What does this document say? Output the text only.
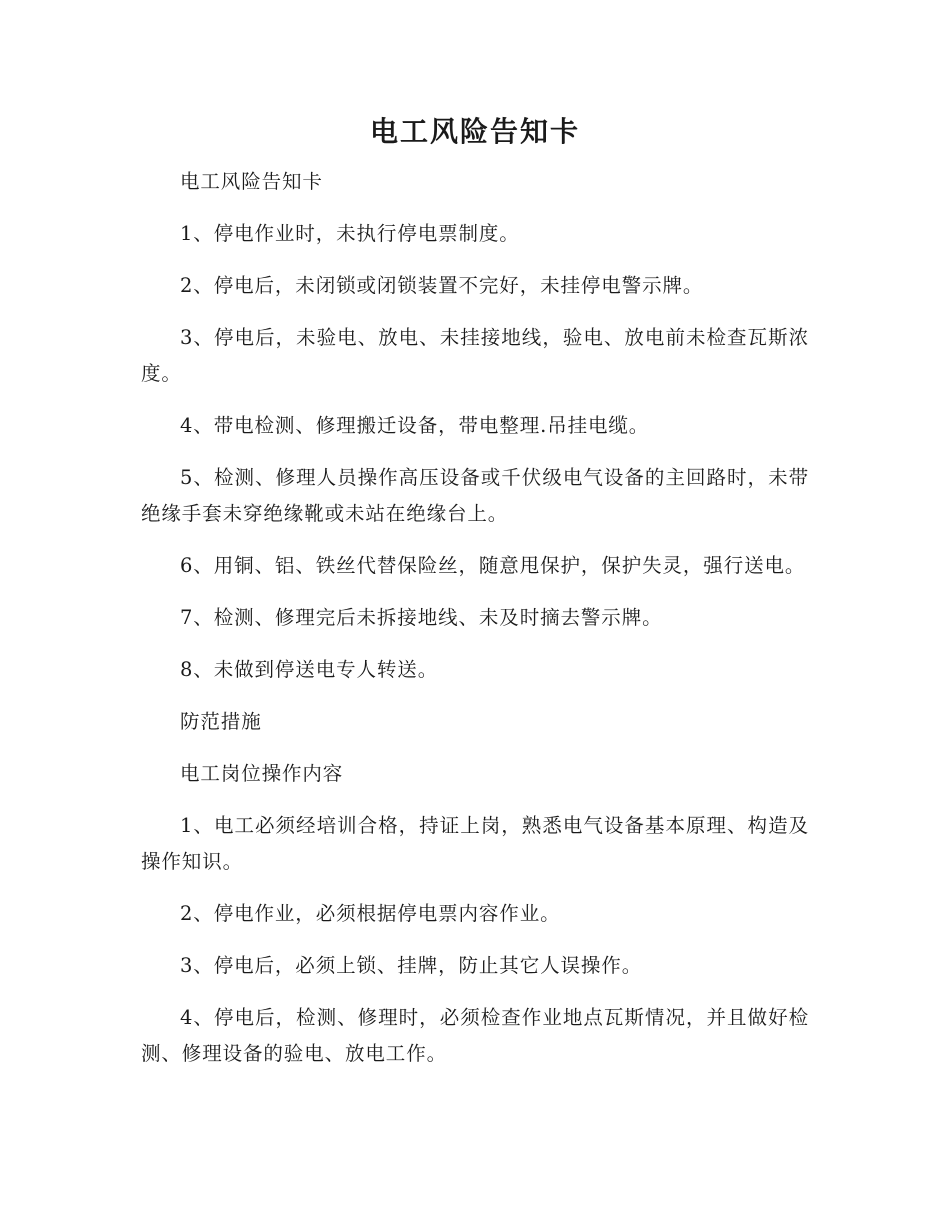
电工风险告知卡

电工风险告知卡

1、停电作业时，未执行停电票制度。

2、停电后，未闭锁或闭锁装置不完好，未挂停电警示牌。

3、停电后，未验电、放电、未挂接地线，验电、放电前未检查瓦斯浓度。

4、带电检测、修理搬迁设备，带电整理.吊挂电缆。

5、检测、修理人员操作高压设备或千伏级电气设备的主回路时，未带绝缘手套未穿绝缘靴或未站在绝缘台上。

6、用铜、铝、铁丝代替保险丝，随意甩保护，保护失灵，强行送电。

7、检测、修理完后未拆接地线、未及时摘去警示牌。

8、未做到停送电专人转送。

防范措施

电工岗位操作内容

1、电工必须经培训合格，持证上岗，熟悉电气设备基本原理、构造及操作知识。

2、停电作业，必须根据停电票内容作业。

3、停电后，必须上锁、挂牌，防止其它人误操作。

4、停电后，检测、修理时，必须检查作业地点瓦斯情况，并且做好检测、修理设备的验电、放电工作。
